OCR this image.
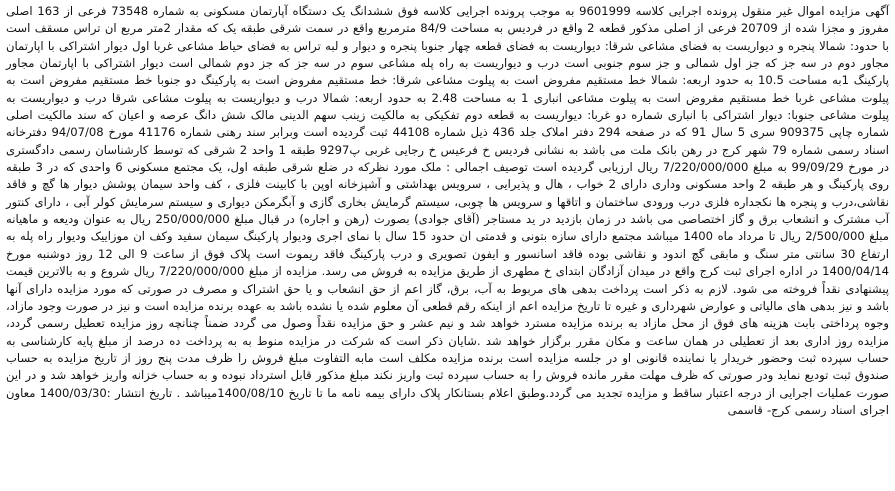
آگهی مزایده اموال غیر منقول پرونده اجرایی کلاسه 9601999 به موجب پرونده اجرایی کلاسه فوق ششدانگ یک دستگاه آپارتمان مسکونی به شماره 73548 فرعی از 163 اصلی مفروز و مجزا شده از 20709 فرعی از اصلی مذکور قطعه 2 واقع در فردیس به مساحت 84/9 مترمربع واقع در سمت شرقی طبقه یک که مقدار 2متر مربع ان تراس مسقف است با حدود: شمالا پنجره و دیواریست به فضای مشاعی شرقا: دیواریست به فضای قطعه چهار جنوبا پنجره و دیوار و لبه تراس به فضای حیاط مشاعی غربا اول دیوار اشتراکی با اپارتمان مجاور دوم در سه جز که جز اول شمالی و جز سوم جنوبی است درب و دیواریست به راه پله مشاعی سوم در سه جز که جز دوم شمالی است دیوار اشتراکی با اپارتمان مجاور پارکینگ 1به مساحت 10.5 به حدود اربعه: شمالا خط مستقیم مفروض است به پیلوت مشاعی شرقا: خط مستقیم مفروض است به پارکینگ دو جنوبا خط مستقیم مفروض است به پیلوت مشاعی غربا خط مستقیم مفروض است به پیلوت مشاعی انباری 1 به مساحت 2.48 به حدود اربعه: شمالا درب و دیواریست به پیلوت مشاعی شرقا درب و دیواریست به پیلوت مشاعی جنوبا: دیوار اشتراکی با انباری شماره دو غربا: دیواریست به قطعه دوم تفکیکی به مالکیت زینب سهم الدینی مالک شش دانگ عرصه و اعیان که سند مالکیت اصلی شماره چاپی 909375 سری 5 سال 91 که در صفحه 294 دفتر املاک جلد 436 ذیل شماره 44108 ثبت گردیده است وبرابر سند رهنی شماره 41176 مورخ 94/07/08 دفترخانه اسناد رسمی شماره 79 شهر کرج در رهن بانک ملت می باشد به نشانی فردیس خ فرعیس خ رجایی غربی پ9297 طبقه 1 واحد 2 شرقی که توسط کارشناسان رسمی دادگستری در مورخ 99/09/29 به مبلغ 7/220/000/000 ریال ارزیابی گردیده است توصیف اجمالی : ملک مورد نظرکه در ضلع شرقی طبقه اول، یک مجتمع مسکونی 6 واحدی که در 3 طبقه روی پارکینگ و هر طبقه 2 واحد مسکونی وداری دارای 2 خواب ، هال و پذیرایی ، سرویس بهداشتی و آشپزخانه اوپن با کابینت فلزی ، کف واحد سیمان پوشش دیوار ها گچ و فاقد نقاشی،درب و پنجره ها نکجداره فلزی درب ورودی ساختمان و اتاقها و سرویس ها چوبی، سیستم گرمایش بخاری گازی و آبگرمکن دیواری و سیستم سرمایش کولر آبی ، دارای کنتور آب مشترک و انشعاب برق و گاز اختصاصی می باشد در زمان بازدید در ید مستاجر (آقای جوادی) بصورت (رهن و اجاره) در قبال مبلغ 250/000/000 ریال به عنوان ودیعه و ماهیانه مبلغ 2/500/000 ریال تا مرداد ماه 1400 میباشد مجتمع دارای سازه بتونی و قدمتی ان حدود 15 سال با نمای اجری ودیوار پارکینگ سیمان سفید وکف ان موزاییک ودیوار راه پله به ارتفاع 30 سانتی متر سنگ و مابقی گچ اندود و نقاشی بوده فاقد اسانسور و ایفون تصویری و درب پارکینگ فاقد ریموت است پلاک فوق از ساعت 9 الی 12 روز دوشنبه مورخ 1400/04/14 در اداره اجرای ثبت کرج واقع در میدان آزادگان ابتدای خ مطهری از طریق مزایده به فروش می رسد. مزایده از مبلغ 7/220/000/000 ریال شروع و به بالاترین قیمت پیشنهادی نقداً فروخته می شود. لازم به ذکر است پرداخت بدهی های مربوط به آب، برق، گاز اعم از حق انشعاب و یا حق اشتراک و مصرف در صورتی که مورد مزایده دارای آنها باشد و نیز بدهی های مالیاتی و عوارض شهرداری و غیره تا تاریخ مزایده اعم از اینکه رقم قطعی آن معلوم شده یا نشده باشد به عهده برنده مزایده است و نیز در صورت وجود مازاد، وجوه پرداختی بابت هزینه های فوق از محل مازاد به برنده مزایده مسترد خواهد شد و نیم عشر و حق مزایده نقداً وصول می گردد ضمناً چنانچه روز مزایده تعطیل رسمی گردد، مزایده روز اداری بعد از تعطیلی در همان ساعت و مکان مقرر برگزار خواهد شد .شایان ذکر است که شرکت در مزایده منوط به به پرداخت ده درصد از مبلغ پایه کارشناسی به حساب سپرده ثبت وحضور خریدار یا نماینده قانونی او در جلسه مزایده است برنده مزایده مکلف است مابه التفاوت مبلغ فروش را ظرف مدت پنج روز از تاریخ مزایده به حساب صندوق ثبت تودیع نماید ودر صورتی که ظرف مهلت مقرر مانده فروش را به حساب سپرده ثبت واریز نکند مبلغ مذکور قابل استرداد نبوده و به حساب خزانه واریز خواهد شد و در این صورت عملیات اجرایی از درجه اعتبار ساقط و مزایده تجدید می گردد.وطبق اعلام بستانکار پلاک دارای بیمه نامه ما تا تاریخ 1400/08/10میباشد . تاریخ انتشار :1400/03/30 معاون اجرای اسناد رسمی کرج- قاسمی
